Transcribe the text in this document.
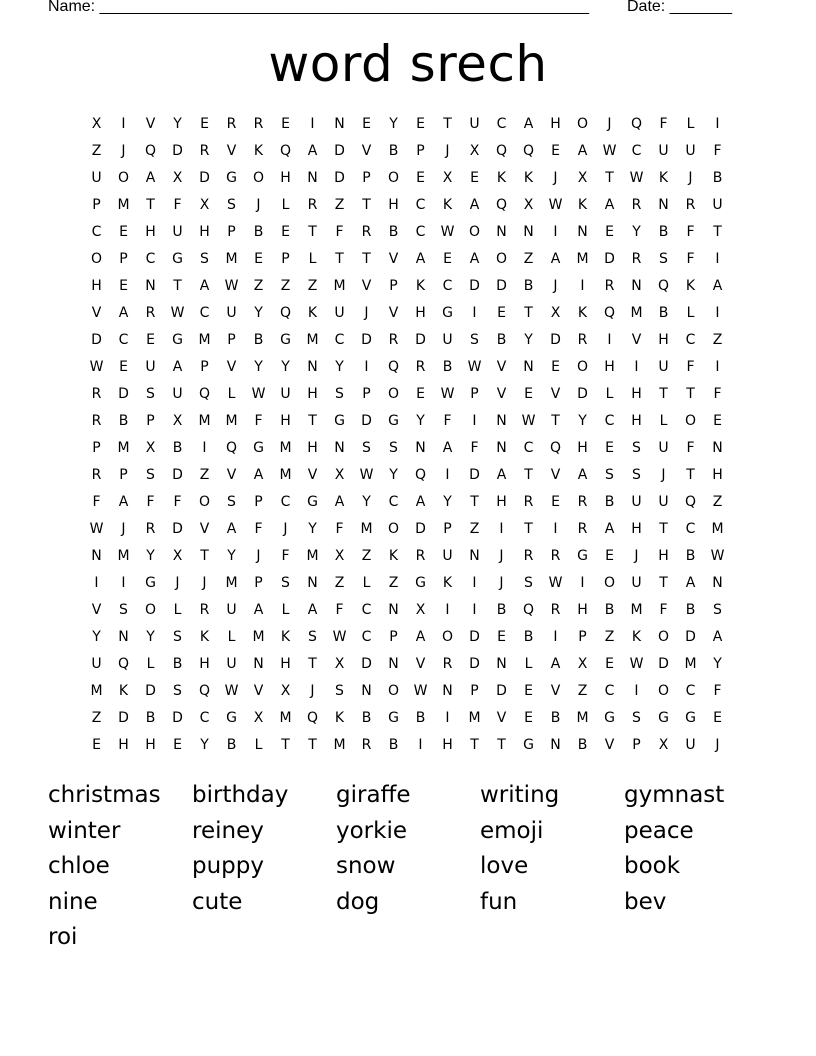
Name: _______________________________________________________ Date: _______
word srech
X	I	V	Y	E	R	R	E	I	N	E	Y	E	T	U	C	A	H	O	J	Q	F	L	I
Z	J	Q	D	R	V	K	Q	A	D	V	B	P	J	X	Q	Q	E	A	W	C	U	U	F
U	O	A	X	D	G	O	H	N	D	P	O	E	X	E	K	K	J	X	T	W	K	J	B
P	M	T	F	X	S	J	L	R	Z	T	H	C	K	A	Q	X	W	K	A	R	N	R	U
C	E	H	U	H	P	B	E	T	F	R	B	C	W	O	N	N	I	N	E	Y	B	F	T
O	P	C	G	S	M	E	P	L	T	T	V	A	E	A	O	Z	A	M	D	R	S	F	I
H	E	N	T	A	W	Z	Z	Z	M	V	P	K	C	D	D	B	J	I	R	N	Q	K	A
V	A	R	W	C	U	Y	Q	K	U	J	V	H	G	I	E	T	X	K	Q	M	B	L	I
D	C	E	G	M	P	B	G	M	C	D	R	D	U	S	B	Y	D	R	I	V	H	C	Z
W	E	U	A	P	V	Y	Y	N	Y	I	Q	R	B	W	V	N	E	O	H	I	U	F	I
R	D	S	U	Q	L	W	U	H	S	P	O	E	W	P	V	E	V	D	L	H	T	T	F
R	B	P	X	M	M	F	H	T	G	D	G	Y	F	I	N	W	T	Y	C	H	L	O	E
P	M	X	B	I	Q	G	M	H	N	S	S	N	A	F	N	C	Q	H	E	S	U	F	N
R	P	S	D	Z	V	A	M	V	X	W	Y	Q	I	D	A	T	V	A	S	S	J	T	H
F	A	F	F	O	S	P	C	G	A	Y	C	A	Y	T	H	R	E	R	B	U	U	Q	Z
W	J	R	D	V	A	F	J	Y	F	M	O	D	P	Z	I	T	I	R	A	H	T	C	M
N	M	Y	X	T	Y	J	F	M	X	Z	K	R	U	N	J	R	R	G	E	J	H	B	W
I	I	G	J	J	M	P	S	N	Z	L	Z	G	K	I	J	S	W	I	O	U	T	A	N
V	S	O	L	R	U	A	L	A	F	C	N	X	I	I	B	Q	R	H	B	M	F	B	S
Y	N	Y	S	K	L	M	K	S	W	C	P	A	O	D	E	B	I	P	Z	K	O	D	A
U	Q	L	B	H	U	N	H	T	X	D	N	V	R	D	N	L	A	X	E	W	D	M	Y
M	K	D	S	Q	W	V	X	J	S	N	O	W	N	P	D	E	V	Z	C	I	O	C	F
Z	D	B	D	C	G	X	M	Q	K	B	G	B	I	M	V	E	B	M	G	S	G	G	E
E	H	H	E	Y	B	L	T	T	M	R	B	I	H	T	T	G	N	B	V	P	X	U	J
christmas	birthday	giraffe	writing	gymnast
winter	reiney	yorkie	emoji	peace
chloe	puppy	snow	love	book
nine	cute	dog	fun	bev
roi
